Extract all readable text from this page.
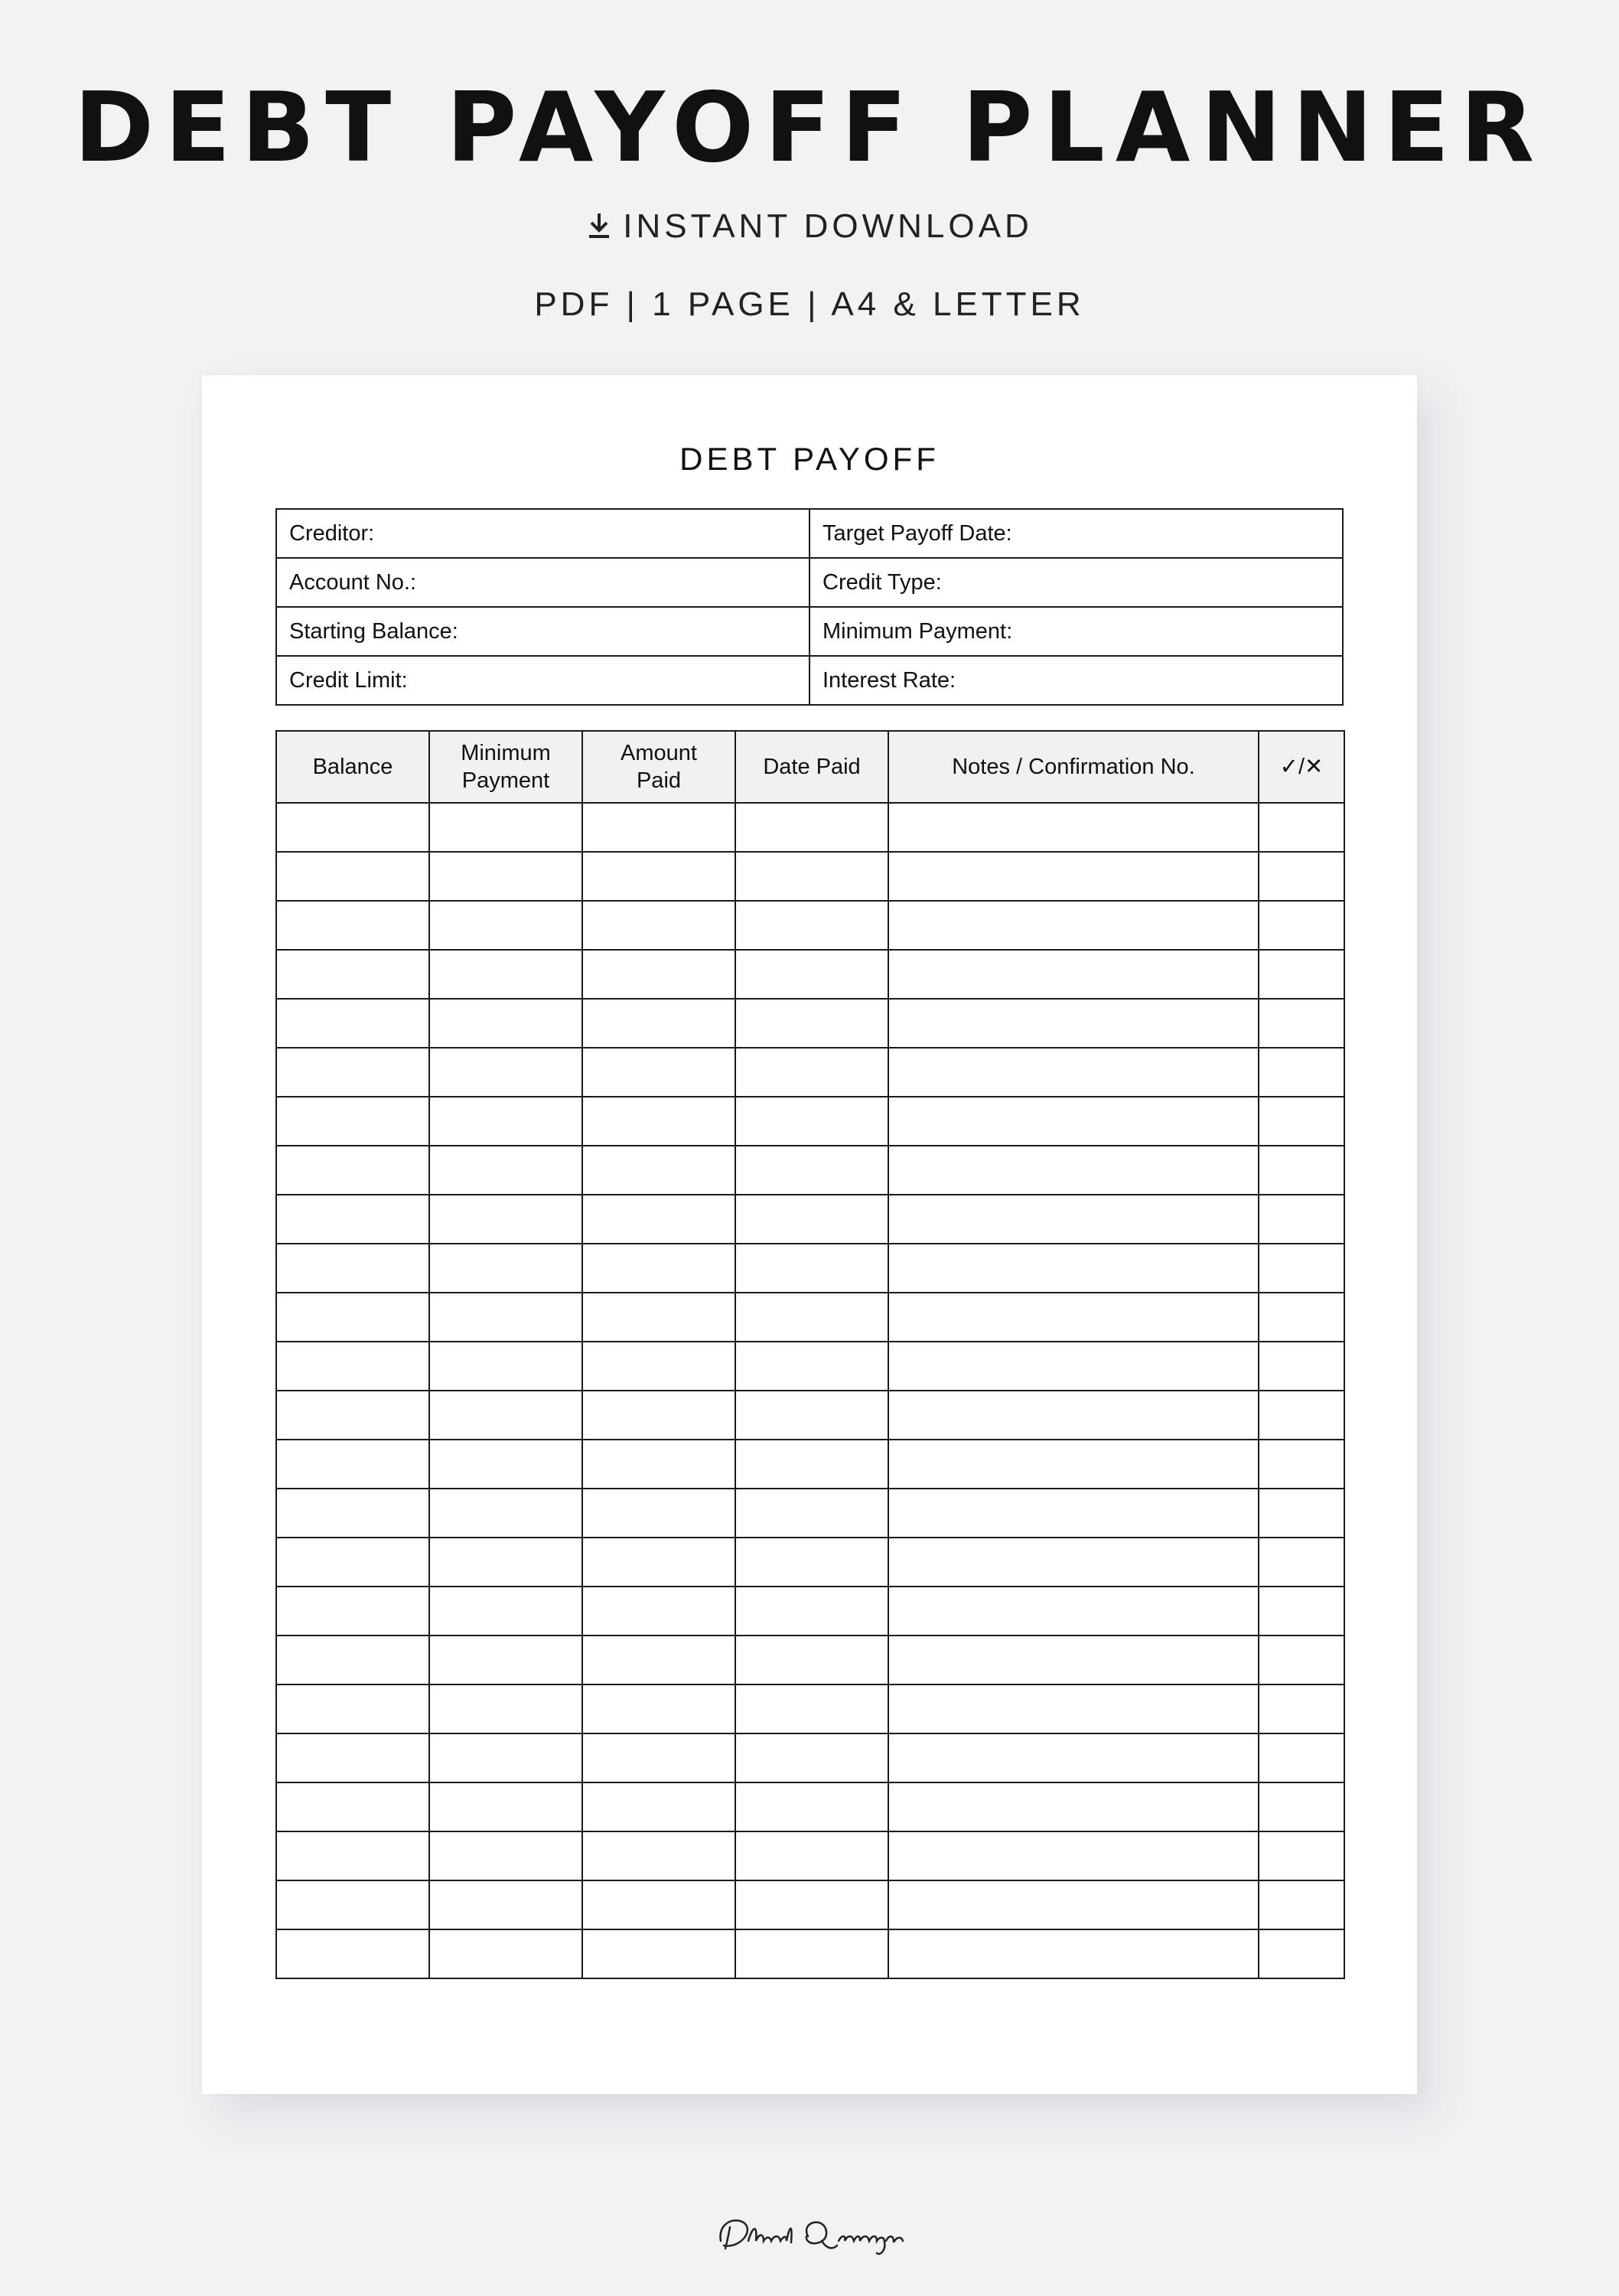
DEBT PAYOFF PLANNER
INSTANT DOWNLOAD
PDF | 1 PAGE | A4 & LETTER
DEBT PAYOFF
Creditor:	Target Payoff Date:
Account No.:	Credit Type:
Starting Balance:	Minimum Payment:
Credit Limit:	Interest Rate:
Balance	Minimum Payment	Amount Paid	Date Paid	Notes / Confirmation No.	✓/✕
